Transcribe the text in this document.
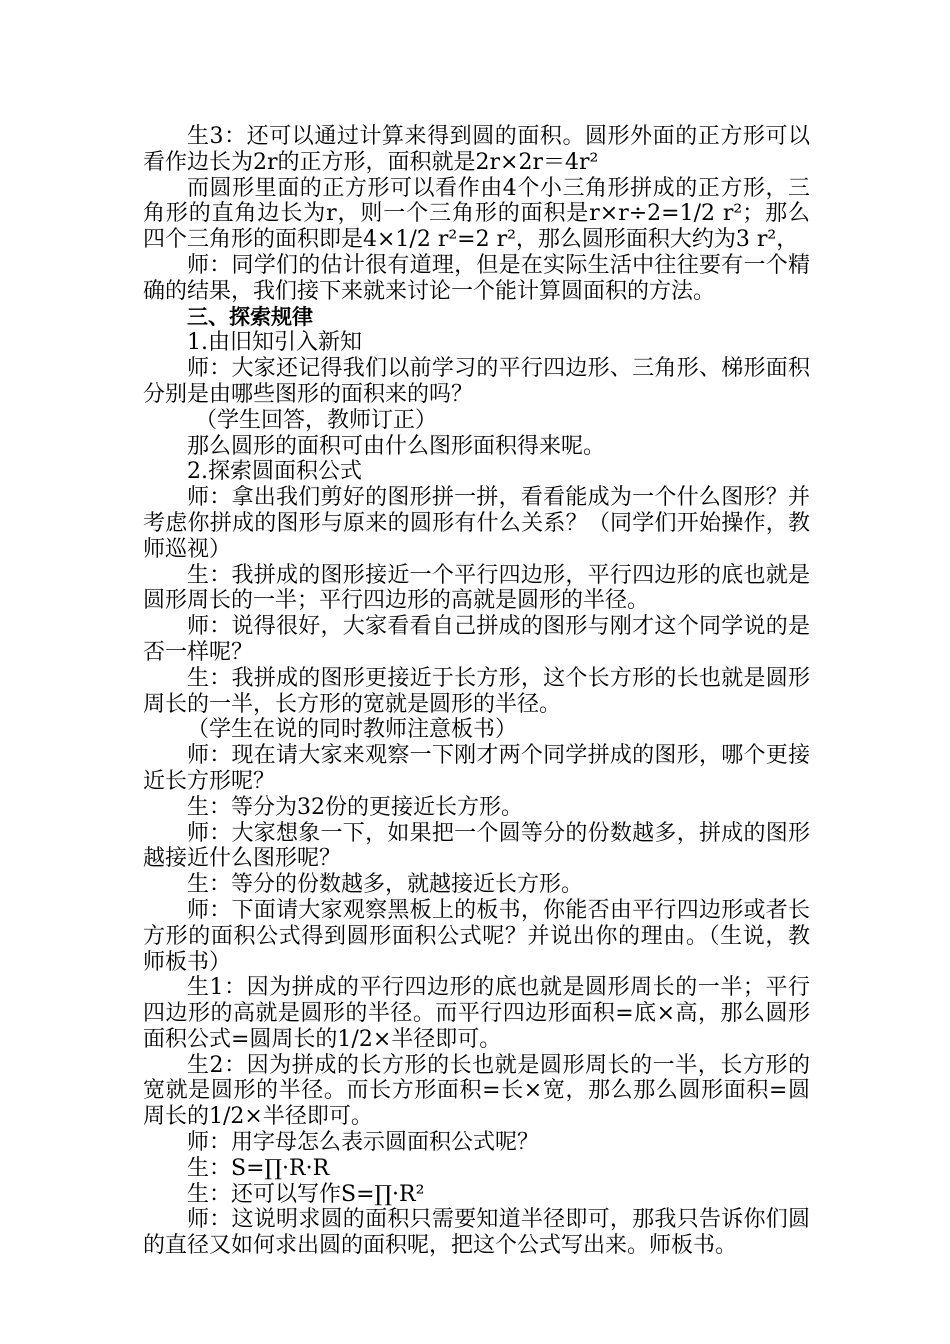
生3：还可以通过计算来得到圆的面积。圆形外面的正方形可以看作边长为2r的正方形，面积就是2r×2r＝4r²

而圆形里面的正方形可以看作由4个小三角形拼成的正方形，三角形的直角边长为r，则一个三角形的面积是r×r÷2=1/2 r²；那么四个三角形的面积即是4×1/2 r²=2 r²，那么圆形面积大约为3 r²，

师：同学们的估计很有道理，但是在实际生活中往往要有一个精确的结果，我们接下来就来讨论一个能计算圆面积的方法。

三、探索规律

1.由旧知引入新知

师：大家还记得我们以前学习的平行四边形、三角形、梯形面积分别是由哪些图形的面积来的吗？

（学生回答，教师订正）

那么圆形的面积可由什么图形面积得来呢。

2.探索圆面积公式

师：拿出我们剪好的图形拼一拼，看看能成为一个什么图形？并考虑你拼成的图形与原来的圆形有什么关系？（同学们开始操作，教师巡视）

生：我拼成的图形接近一个平行四边形，平行四边形的底也就是圆形周长的一半；平行四边形的高就是圆形的半径。

师：说得很好，大家看看自己拼成的图形与刚才这个同学说的是否一样呢？

生：我拼成的图形更接近于长方形，这个长方形的长也就是圆形周长的一半，长方形的宽就是圆形的半径。

（学生在说的同时教师注意板书）

师：现在请大家来观察一下刚才两个同学拼成的图形，哪个更接近长方形呢？

生：等分为32份的更接近长方形。

师：大家想象一下，如果把一个圆等分的份数越多，拼成的图形越接近什么图形呢？

生：等分的份数越多，就越接近长方形。

师：下面请大家观察黑板上的板书，你能否由平行四边形或者长方形的面积公式得到圆形面积公式呢？并说出你的理由。（生说，教师板书）

生1：因为拼成的平行四边形的底也就是圆形周长的一半；平行四边形的高就是圆形的半径。而平行四边形面积=底×高，那么圆形面积公式=圆周长的1/2×半径即可。

生2：因为拼成的长方形的长也就是圆形周长的一半，长方形的宽就是圆形的半径。而长方形面积=长×宽，那么那么圆形面积=圆周长的1/2×半径即可。

师：用字母怎么表示圆面积公式呢？

生：S=∏·R·R

生：还可以写作S=∏·R²

师：这说明求圆的面积只需要知道半径即可，那我只告诉你们圆的直径又如何求出圆的面积呢，把这个公式写出来。师板书。
